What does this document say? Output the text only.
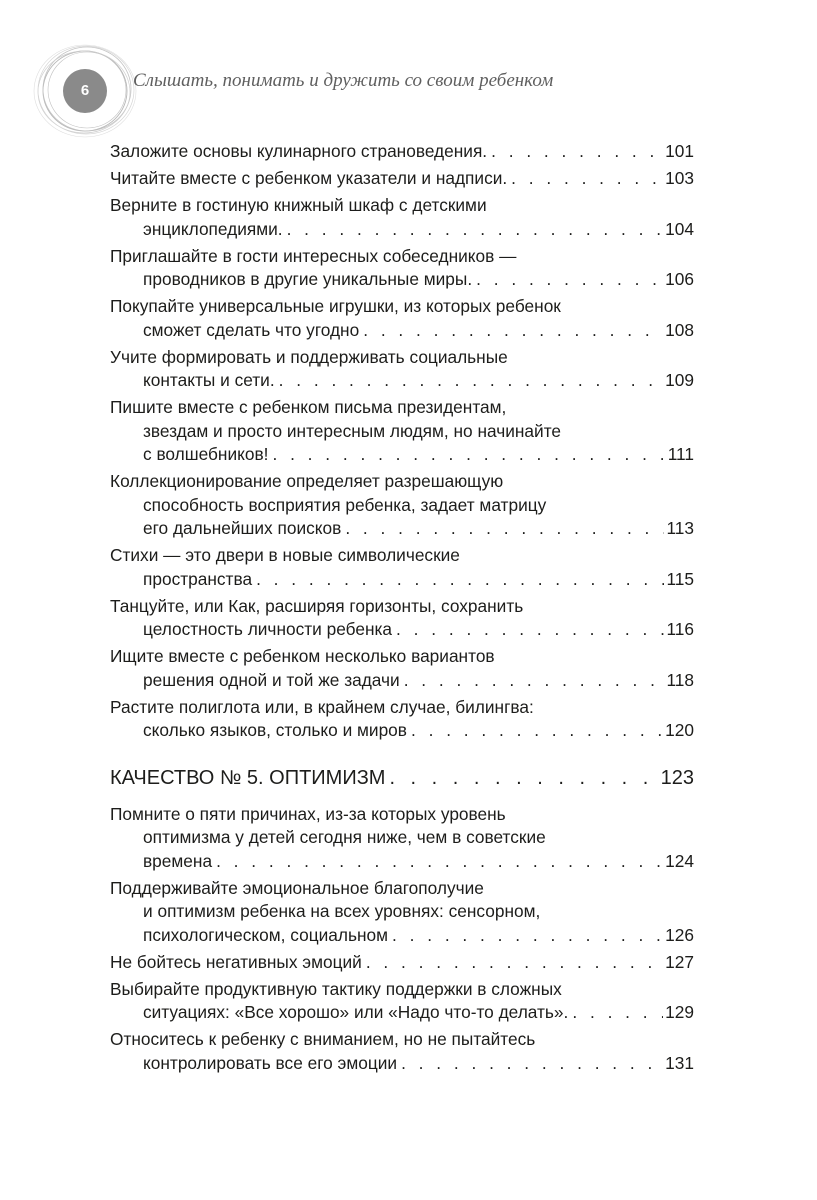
6	Слышать, понимать и дружить со своим ребенком
Заложите основы кулинарного страноведения. . . .	101
Читайте вместе с ребенком указатели и надписи. . . .	103
Верните в гостиную книжный шкаф с детскими
энциклопедиями. . . .	104
Приглашайте в гости интересных собеседников —
проводников в другие уникальные миры. . . .	106
Покупайте универсальные игрушки, из которых ребенок
сможет сделать что угодно . . .	108
Учите формировать и поддерживать социальные
контакты и сети. . . .	109
Пишите вместе с ребенком письма президентам,
звездам и просто интересным людям, но начинайте
с волшебников! . . .	111
Коллекционирование определяет разрешающую
способность восприятия ребенка, задает матрицу
его дальнейших поисков . . .	113
Стихи — это двери в новые символические
пространства . . .	115
Танцуйте, или Как, расширяя горизонты, сохранить
целостность личности ребенка . . .	116
Ищите вместе с ребенком несколько вариантов
решения одной и той же задачи . . .	118
Растите полиглота или, в крайнем случае, билингва:
сколько языков, столько и миров . . .	120
КАЧЕСТВО № 5. ОПТИМИЗМ . . .	123
Помните о пяти причинах, из-за которых уровень
оптимизма у детей сегодня ниже, чем в советские
времена . . .	124
Поддерживайте эмоциональное благополучие
и оптимизм ребенка на всех уровнях: сенсорном,
психологическом, социальном . . .	126
Не бойтесь негативных эмоций . . .	127
Выбирайте продуктивную тактику поддержки в сложных
ситуациях: «Все хорошо» или «Надо что-то делать». . . .	129
Относитесь к ребенку с вниманием, но не пытайтесь
контролировать все его эмоции . . .	131
